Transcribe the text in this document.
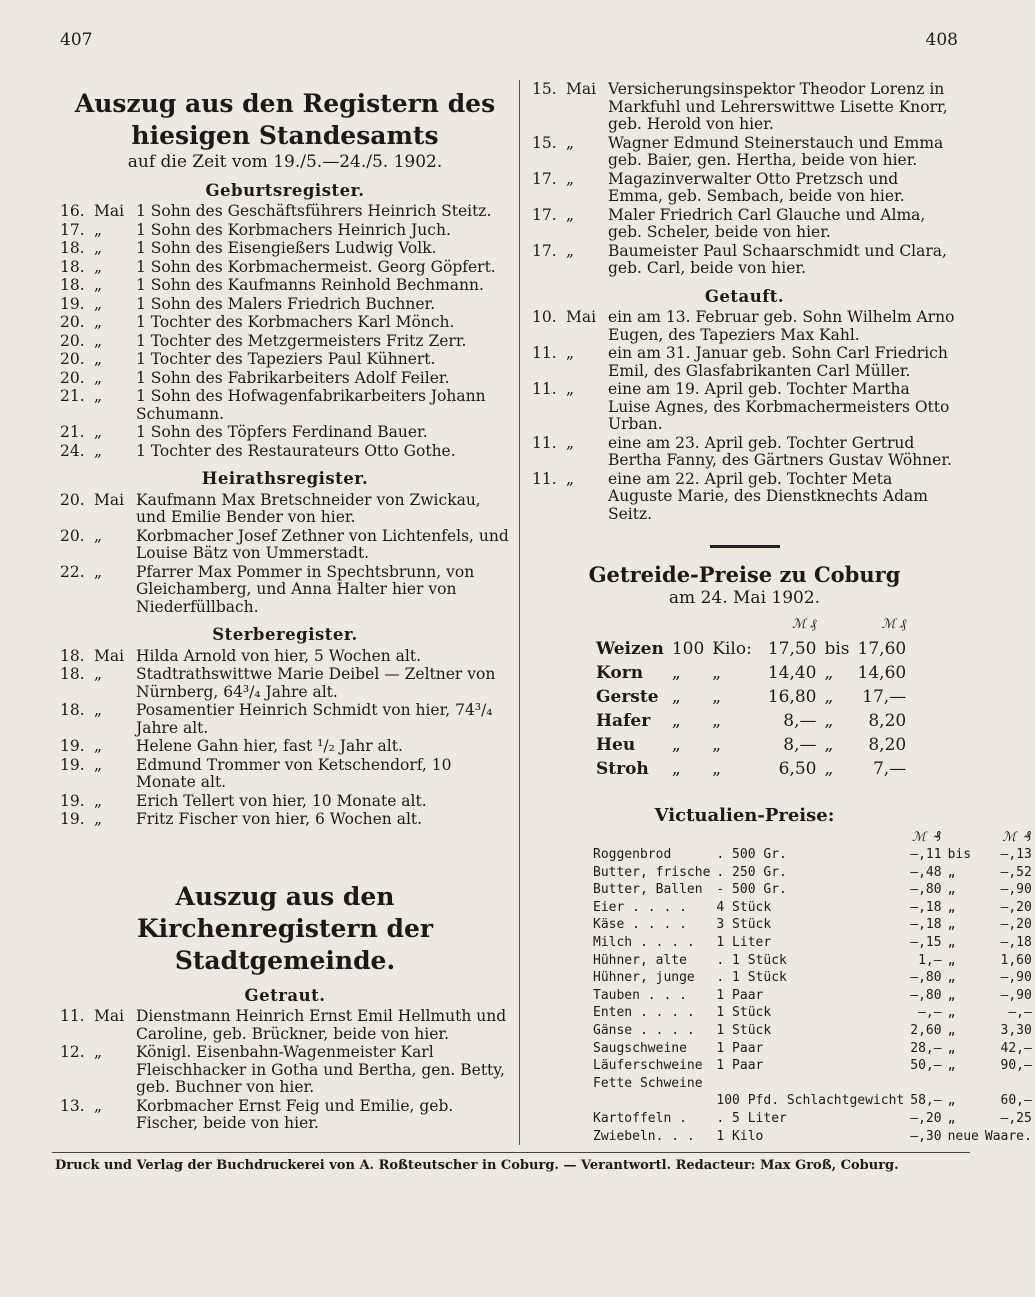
407	408
Auszug aus den Registern des hiesigen Standesamts
auf die Zeit vom 19./5.—24./5. 1902.
Geburtsregister.
16. Mai 1 Sohn des Geschäftsführers Heinrich Steitz.
17. „	1 Sohn des Korbmachers Heinrich Juch.
18. „	1 Sohn des Eisengießers Ludwig Volk.
18. „	1 Sohn des Korbmachermeist. Georg Göpfert.
18. „	1 Sohn des Kaufmanns Reinhold Bechmann.
19. „	1 Sohn des Malers Friedrich Buchner.
20. „	1 Tochter des Korbmachers Karl Mönch.
20. „	1 Tochter des Metzgermeisters Fritz Zerr.
20. „	1 Tochter des Tapeziers Paul Kühnert.
20. „	1 Sohn des Fabrikarbeiters Adolf Feiler.
21. „	1 Sohn des Hofwagenfabrikarbeiters Johann Schumann.
21. „	1 Sohn des Töpfers Ferdinand Bauer.
24. „	1 Tochter des Restaurateurs Otto Gothe.
Heirathsregister.
20. Mai Kaufmann Max Bretschneider von Zwickau, und Emilie Bender von hier.
20. „	Korbmacher Josef Zethner von Lichtenfels, und Louise Bätz von Ummerstadt.
22. „	Pfarrer Max Pommer in Spechtsbrunn, von Gleichamberg, und Anna Halter hier von Niederfüllbach.
Sterberegister.
18. Mai Hilda Arnold von hier, 5 Wochen alt.
18. „	Stadtrathswittwe Marie Deibel — Zeltner von Nürnberg, 64³/₄ Jahre alt.
18. „	Posamentier Heinrich Schmidt von hier, 74³/₄ Jahre alt.
19. „	Helene Gahn hier, fast ¹/₂ Jahr alt.
19. „	Edmund Trommer von Ketschendorf, 10 Monate alt.
19. „	Erich Tellert von hier, 10 Monate alt.
19. „	Fritz Fischer von hier, 6 Wochen alt.
Auszug aus den Kirchenregistern der Stadtgemeinde.
Getraut.
11. Mai Dienstmann Heinrich Ernst Emil Hellmuth und Caroline, geb. Brückner, beide von hier.
12. „	Königl. Eisenbahn-Wagenmeister Karl Fleischhacker in Gotha und Bertha, gen. Betty, geb. Buchner von hier.
13. „	Korbmacher Ernst Feig und Emilie, geb. Fischer, beide von hier.
15. Mai Versicherungsinspektor Theodor Lorenz in Markfuhl und Lehrerswittwe Lisette Knorr, geb. Herold von hier.
15. „	Wagner Edmund Steinerstauch und Emma geb. Baier, gen. Hertha, beide von hier.
17. „	Magazinverwalter Otto Pretzsch und Emma, geb. Sembach, beide von hier.
17. „	Maler Friedrich Carl Glauche und Alma, geb. Scheler, beide von hier.
17. „	Baumeister Paul Schaarschmidt und Clara, geb. Carl, beide von hier.
Getauft.
10. Mai ein am 13. Februar geb. Sohn Wilhelm Arno Eugen, des Tapeziers Max Kahl.
11. „	ein am 31. Januar geb. Sohn Carl Friedrich Emil, des Glasfabrikanten Carl Müller.
11. „	eine am 19. April geb. Tochter Martha Luise Agnes, des Korbmachermeisters Otto Urban.
11. „	eine am 23. April geb. Tochter Gertrud Bertha Fanny, des Gärtners Gustav Wöhner.
11. „	eine am 22. April geb. Tochter Meta Auguste Marie, des Dienstknechts Adam Seitz.
Getreide-Preise zu Coburg
am 24. Mai 1902.
				ℳ ₰		ℳ ₰
Weizen	100	Kilo:		17,50	bis	17,60
Korn	„	„		14,40	„	14,60
Gerste	„	„		16,80	„	17,—
Hafer	„	„		8,—	„	8,20
Heu	„	„		8,—	„	8,20
Stroh	„	„		6,50	„	7,—
Victualien-Preise:
		ℳ ₰		ℳ ₰
Roggenbrod	. 500 Gr.	—,11	bis	—,13
Butter, frische	. 250 Gr.	—,48	„	—,52
Butter, Ballen	- 500 Gr.	—,80	„	—,90
Eier . . . .	4 Stück	—,18	„	—,20
Käse . . . .	3 Stück	—,18	„	—,20
Milch . . . .	1 Liter	—,15	„	—,18
Hühner, alte	. 1 Stück	1,—	„	1,60
Hühner, junge	. 1 Stück	—,80	„	—,90
Tauben . . .	1 Paar	—,80	„	—,90
Enten . . . .	1 Stück	—,—	„	—,—
Gänse . . . .	1 Stück	2,60	„	3,30
Saugschweine	1 Paar	28,—	„	42,—
Läuferschweine	1 Paar	50,—	„	90,—
Fette Schweine				
	100 Pfd. Schlachtgewicht	58,—	„	60,—
Kartoffeln .	. 5 Liter	—,20	„	—,25
Zwiebeln. . .	1 Kilo	—,30	neue	Waare.
Druck und Verlag der Buchdruckerei von A. Roßteutscher in Coburg. — Verantwortl. Redacteur: Max Groß, Coburg.
